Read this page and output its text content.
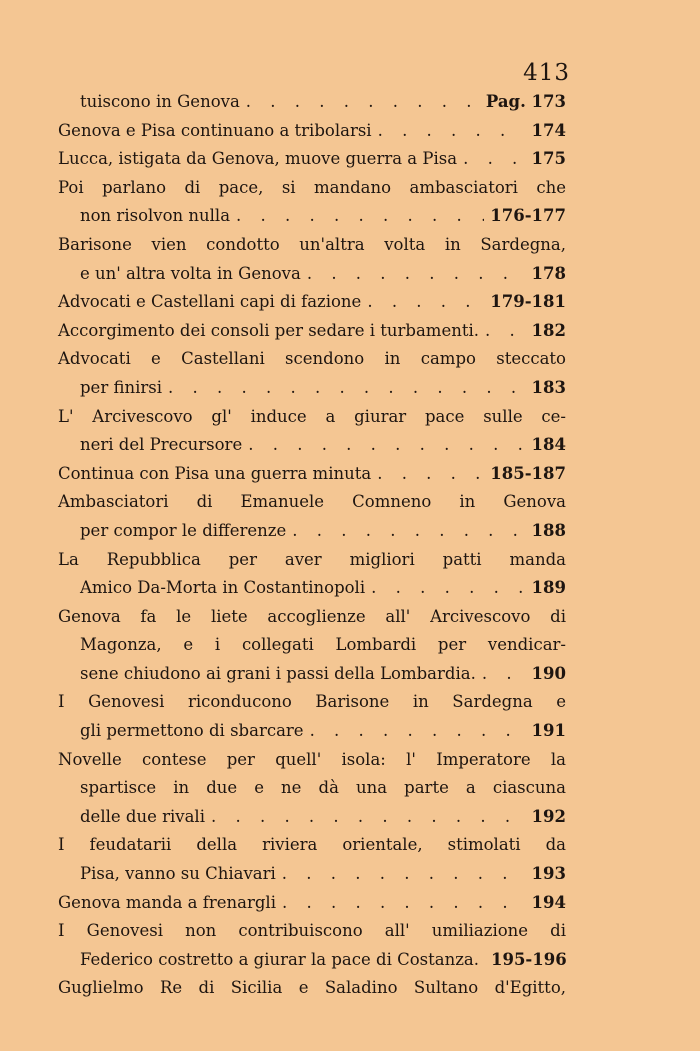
413
tuiscono in Genova . . .	Pag. 173
Genova e Pisa continuano a tribolarsi . . .	174
Lucca, istigata da Genova, muove guerra a Pisa . . .	175
Poi parlano di pace, si mandano ambasciatori che
non risolvon nulla . . .	176-177
Barisone vien condotto un'altra volta in Sardegna,
e un' altra volta in Genova . . .	178
Advocati e Castellani capi di fazione . . .	179-181
Accorgimento dei consoli per sedare i turbamenti. . . .	182
Advocati e Castellani scendono in campo steccato
per finirsi . . .	183
L' Arcivescovo gl' induce a giurar pace sulle ce-
neri del Precursore . . .	184
Continua con Pisa una guerra minuta . . .	185-187
Ambasciatori di Emanuele Comneno in Genova
per compor le differenze . . .	188
La Repubblica per aver migliori patti manda
Amico Da-Morta in Costantinopoli . . .	189
Genova fa le liete accoglienze all' Arcivescovo di
Magonza, e i collegati Lombardi per vendicar-
sene chiudono ai grani i passi della Lombardia. . . .	190
I Genovesi riconducono Barisone in Sardegna e
gli permettono di sbarcare . . .	191
Novelle contese per quell' isola: l' Imperatore la
spartisce in due e ne dà una parte a ciascuna
delle due rivali . . .	192
I feudatarii della riviera orientale, stimolati da
Pisa, vanno su Chiavari . . .	193
Genova manda a frenargli . . .	194
I Genovesi non contribuiscono all' umiliazione di
Federico costretto a giurar la pace di Costanza. 195-196
Guglielmo Re di Sicilia e Saladino Sultano d'Egitto,
